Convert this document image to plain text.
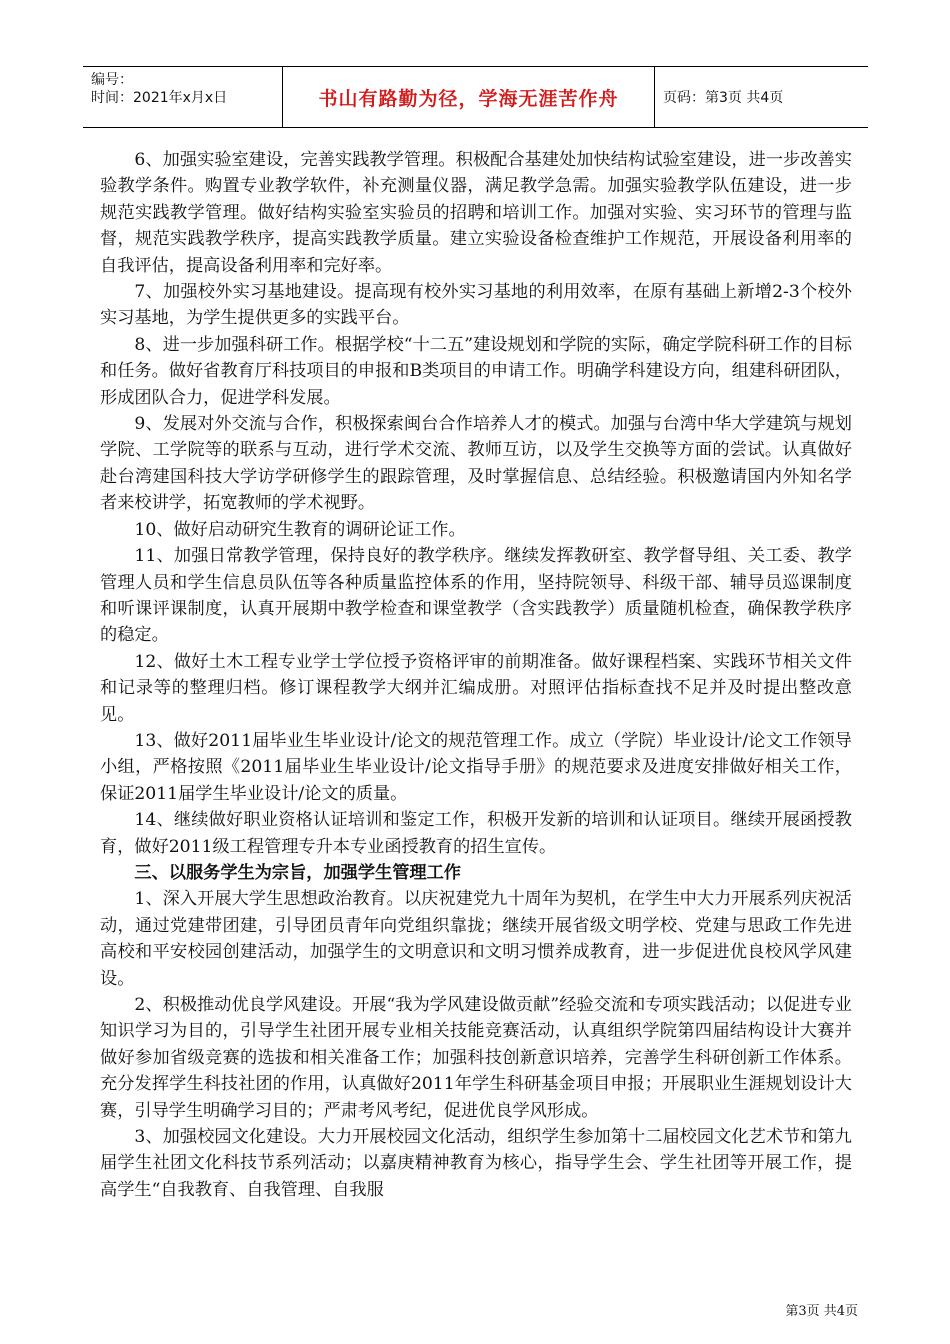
编号：
时间：2021年x月x日	书山有路勤为径，学海无涯苦作舟	页码：第3页 共4页

6、加强实验室建设，完善实践教学管理。积极配合基建处加快结构试验室建设，进一步改善实验教学条件。购置专业教学软件，补充测量仪器，满足教学急需。加强实验教学队伍建设，进一步规范实践教学管理。做好结构实验室实验员的招聘和培训工作。加强对实验、实习环节的管理与监督，规范实践教学秩序，提高实践教学质量。建立实验设备检查维护工作规范，开展设备利用率的自我评估，提高设备利用率和完好率。

7、加强校外实习基地建设。提高现有校外实习基地的利用效率，在原有基础上新增2-3个校外实习基地，为学生提供更多的实践平台。

8、进一步加强科研工作。根据学校“十二五”建设规划和学院的实际，确定学院科研工作的目标和任务。做好省教育厅科技项目的申报和B类项目的申请工作。明确学科建设方向，组建科研团队，形成团队合力，促进学科发展。

9、发展对外交流与合作，积极探索闽台合作培养人才的模式。加强与台湾中华大学建筑与规划学院、工学院等的联系与互动，进行学术交流、教师互访，以及学生交换等方面的尝试。认真做好赴台湾建国科技大学访学研修学生的跟踪管理，及时掌握信息、总结经验。积极邀请国内外知名学者来校讲学，拓宽教师的学术视野。

10、做好启动研究生教育的调研论证工作。

11、加强日常教学管理，保持良好的教学秩序。继续发挥教研室、教学督导组、关工委、教学管理人员和学生信息员队伍等各种质量监控体系的作用，坚持院领导、科级干部、辅导员巡课制度和听课评课制度，认真开展期中教学检查和课堂教学（含实践教学）质量随机检查，确保教学秩序的稳定。

12、做好土木工程专业学士学位授予资格评审的前期准备。做好课程档案、实践环节相关文件和记录等的整理归档。修订课程教学大纲并汇编成册。对照评估指标查找不足并及时提出整改意见。

13、做好2011届毕业生毕业设计/论文的规范管理工作。成立（学院）毕业设计/论文工作领导小组，严格按照《2011届毕业生毕业设计/论文指导手册》的规范要求及进度安排做好相关工作，保证2011届学生毕业设计/论文的质量。

14、继续做好职业资格认证培训和鉴定工作，积极开发新的培训和认证项目。继续开展函授教育，做好2011级工程管理专升本专业函授教育的招生宣传。

三、以服务学生为宗旨，加强学生管理工作

1、深入开展大学生思想政治教育。以庆祝建党九十周年为契机，在学生中大力开展系列庆祝活动，通过党建带团建，引导团员青年向党组织靠拢；继续开展省级文明学校、党建与思政工作先进高校和平安校园创建活动，加强学生的文明意识和文明习惯养成教育，进一步促进优良校风学风建设。

2、积极推动优良学风建设。开展“我为学风建设做贡献”经验交流和专项实践活动；以促进专业知识学习为目的，引导学生社团开展专业相关技能竞赛活动，认真组织学院第四届结构设计大赛并做好参加省级竞赛的选拔和相关准备工作；加强科技创新意识培养，完善学生科研创新工作体系。充分发挥学生科技社团的作用，认真做好2011年学生科研基金项目申报；开展职业生涯规划设计大赛，引导学生明确学习目的；严肃考风考纪，促进优良学风形成。

3、加强校园文化建设。大力开展校园文化活动，组织学生参加第十二届校园文化艺术节和第九届学生社团文化科技节系列活动；以嘉庚精神教育为核心，指导学生会、学生社团等开展工作，提高学生“自我教育、自我管理、自我服

第3页 共4页
